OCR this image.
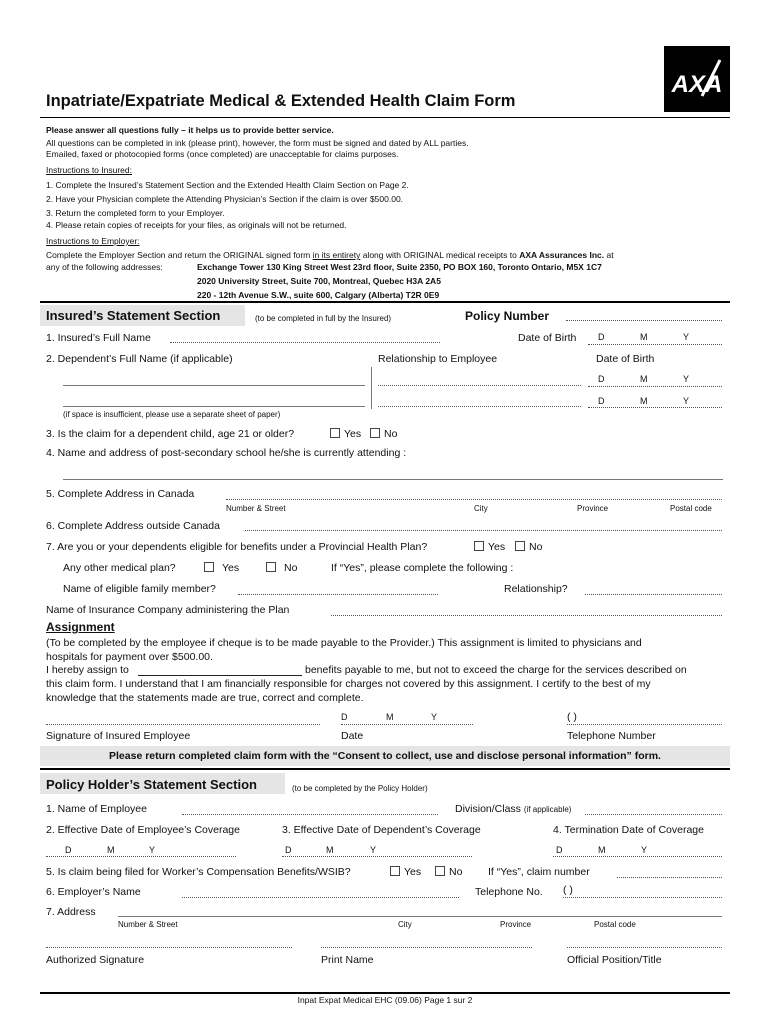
AXA
Inpatriate/Expatriate Medical & Extended Health Claim Form
Please answer all questions fully – it helps us to provide better service.
All questions can be completed in ink (please print), however, the form must be signed and dated by ALL parties.
Emailed, faxed or photocopied forms (once completed) are unacceptable for claims purposes.
Instructions to Insured:
1. Complete the Insured’s Statement Section and the Extended Health Claim Section on Page 2.
2. Have your Physician complete the Attending Physician’s Section if the claim is over $500.00.
3. Return the completed form to your Employer.
4. Please retain copies of receipts for your files, as originals will not be returned.
Instructions to Employer:
Complete the Employer Section and return the ORIGINAL signed form in its entirety along with ORIGINAL medical receipts to AXA Assurances Inc. at
any of the following addresses:	Exchange Tower 130 King Street West 23rd floor, Suite 2350, PO BOX 160, Toronto Ontario, M5X 1C7
2020 University Street, Suite 700, Montreal, Quebec H3A 2A5
220 - 12th Avenue S.W., suite 600, Calgary (Alberta) T2R 0E9
Insured’s Statement Section	(to be completed in full by the Insured)	Policy Number
1. Insured’s Full Name	Date of Birth D	M	Y
2. Dependent’s Full Name (if applicable)	Relationship to Employee	Date of Birth
D	M	Y
D	M	Y
(if space is insufficient, please use a separate sheet of paper)
3. Is the claim for a dependent child, age 21 or older?	Yes	No
4. Name and address of post-secondary school he/she is currently attending :
5. Complete Address in Canada
Number & Street	City	Province	Postal code
6. Complete Address outside Canada
7. Are you or your dependents eligible for benefits under a Provincial Health Plan?	Yes	No
Any other medical plan?	Yes	No	If “Yes”, please complete the following :
Name of eligible family member?	Relationship?
Name of Insurance Company administering the Plan
Assignment
(To be completed by the employee if cheque is to be made payable to the Provider.) This assignment is limited to physicians and
hospitals for payment over $500.00.
I hereby assign to	benefits payable to me, but not to exceed the charge for the services described on
this claim form. I understand that I am financially responsible for charges not covered by this assignment. I certify to the best of my
knowledge that the statements made are true, correct and complete.
D	M	Y	( )
Signature of Insured Employee	Date	Telephone Number
Please return completed claim form with the “Consent to collect, use and disclose personal information” form.
Policy Holder’s Statement Section	(to be completed by the Policy Holder)
1. Name of Employee	Division/Class (if applicable)
2. Effective Date of Employee’s Coverage	3. Effective Date of Dependent’s Coverage	4. Termination Date of Coverage
D	M	Y	D	M	Y	D	M	Y
5. Is claim being filed for Worker’s Compensation Benefits/WSIB?	Yes	No If “Yes”, claim number
6. Employer’s Name	Telephone No. ( )
7. Address
Number & Street	City	Province	Postal code
Authorized Signature	Print Name	Official Position/Title
Inpat Expat Medical EHC (09.06) Page 1 sur 2
